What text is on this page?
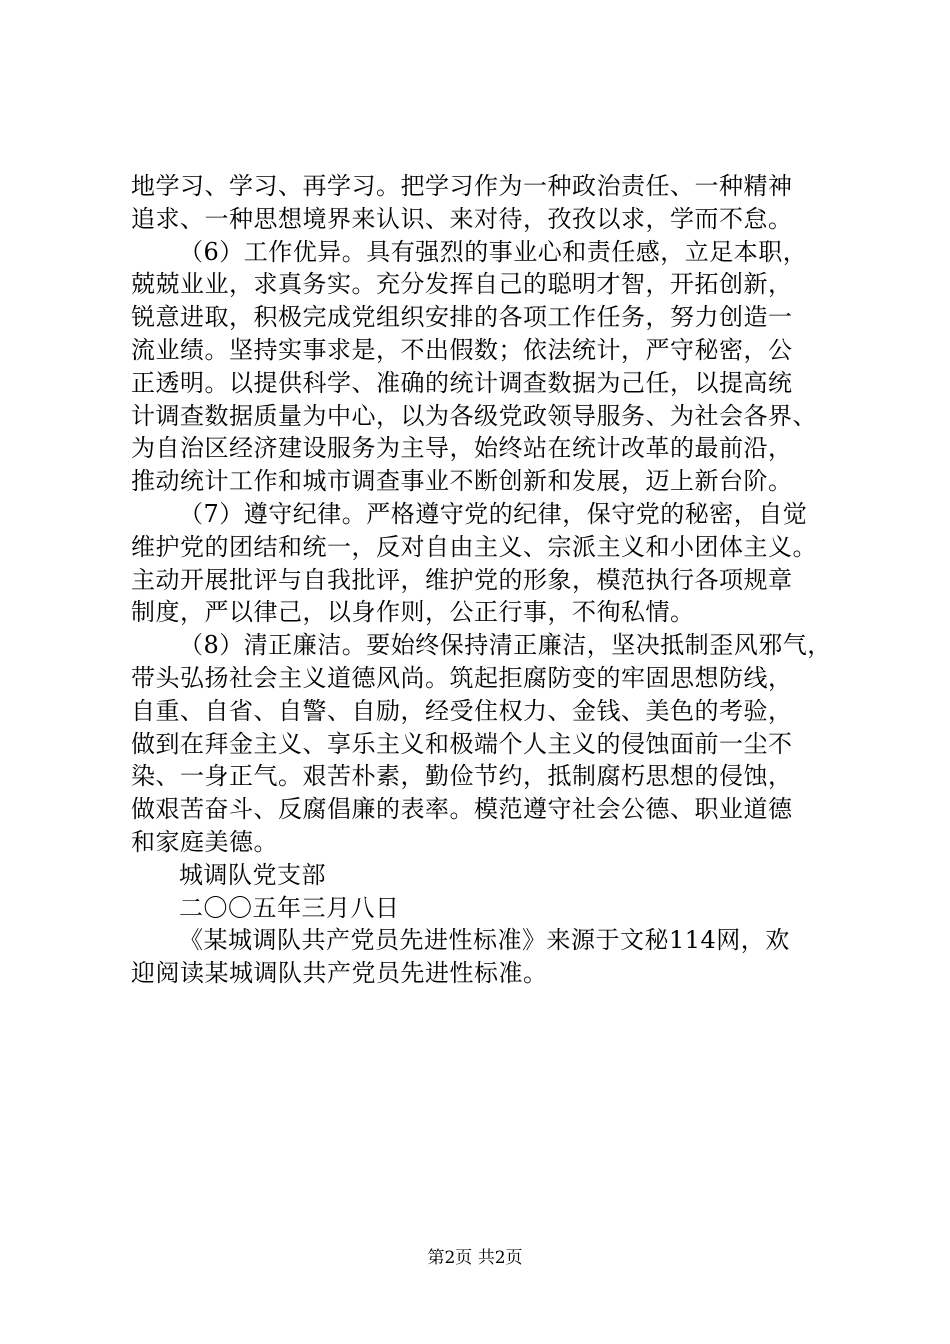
地学习、学习、再学习。把学习作为一种政治责任、一种精神
追求、一种思想境界来认识、来对待，孜孜以求，学而不怠。
（6）工作优异。具有强烈的事业心和责任感，立足本职，
兢兢业业，求真务实。充分发挥自己的聪明才智，开拓创新，
锐意进取，积极完成党组织安排的各项工作任务，努力创造一
流业绩。坚持实事求是，不出假数；依法统计，严守秘密，公
正透明。以提供科学、准确的统计调查数据为己任，以提高统
计调查数据质量为中心，以为各级党政领导服务、为社会各界、
为自治区经济建设服务为主导，始终站在统计改革的最前沿，
推动统计工作和城市调查事业不断创新和发展，迈上新台阶。
（7）遵守纪律。严格遵守党的纪律，保守党的秘密，自觉
维护党的团结和统一，反对自由主义、宗派主义和小团体主义。
主动开展批评与自我批评，维护党的形象，模范执行各项规章
制度，严以律己，以身作则，公正行事，不徇私情。
（8）清正廉洁。要始终保持清正廉洁，坚决抵制歪风邪气，
带头弘扬社会主义道德风尚。筑起拒腐防变的牢固思想防线，
自重、自省、自警、自励，经受住权力、金钱、美色的考验，
做到在拜金主义、享乐主义和极端个人主义的侵蚀面前一尘不
染、一身正气。艰苦朴素，勤俭节约，抵制腐朽思想的侵蚀，
做艰苦奋斗、反腐倡廉的表率。模范遵守社会公德、职业道德
和家庭美德。
城调队党支部
二〇〇五年三月八日
《某城调队共产党员先进性标准》来源于文秘114网，欢
迎阅读某城调队共产党员先进性标准。
第2页 共2页
